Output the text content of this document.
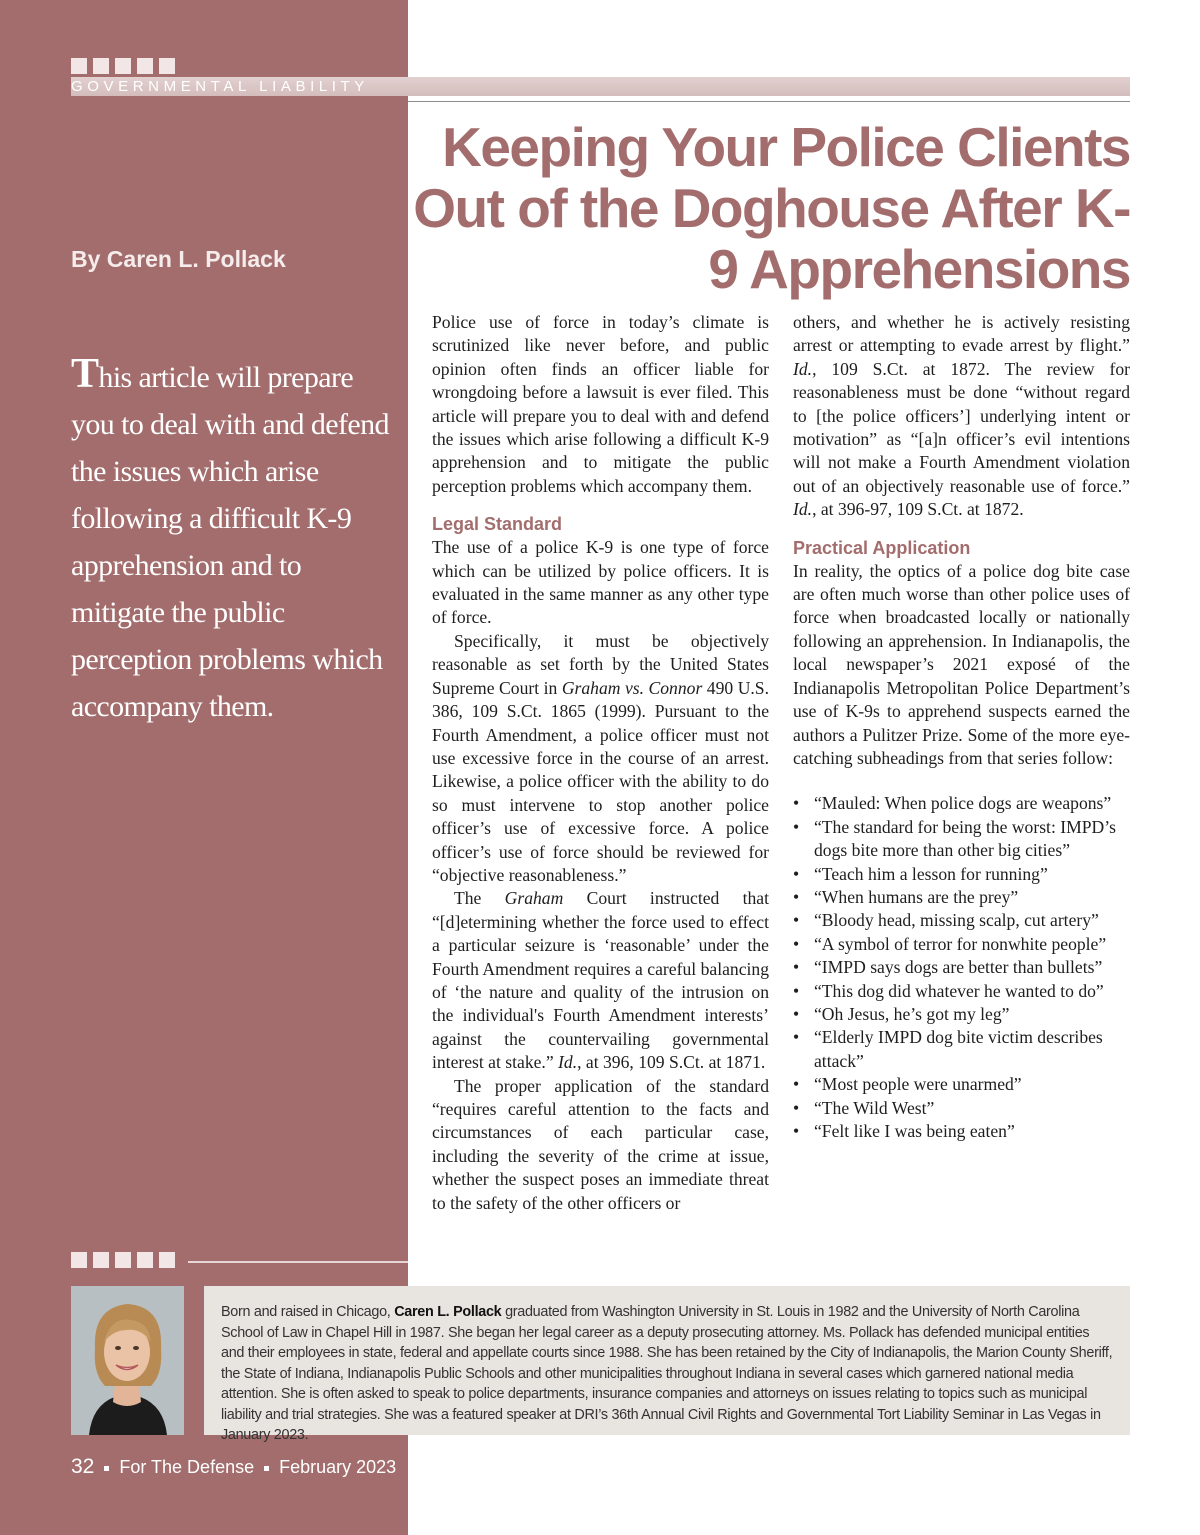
GOVERNMENTAL LIABILITY
Keeping Your Police Clients Out of the Doghouse After K-9 Apprehensions

By Caren L. Pollack

This article will prepare you to deal with and defend the issues which arise following a difficult K-9 apprehension and to mitigate the public perception problems which accompany them.

Police use of force in today’s climate is scrutinized like never before, and public opinion often finds an officer liable for wrongdoing before a lawsuit is ever filed. This article will prepare you to deal with and defend the issues which arise following a difficult K-9 apprehension and to mitigate the public perception problems which accompany them.

Legal Standard

The use of a police K-9 is one type of force which can be utilized by police officers. It is evaluated in the same manner as any other type of force.

Specifically, it must be objectively reasonable as set forth by the United States Supreme Court in Graham vs. Connor 490 U.S. 386, 109 S.Ct. 1865 (1999). Pursuant to the Fourth Amendment, a police officer must not use excessive force in the course of an arrest. Likewise, a police officer with the ability to do so must intervene to stop another police officer’s use of excessive force. A police officer’s use of force should be reviewed for “objective reasonableness.”

The Graham Court instructed that “[d]etermining whether the force used to effect a particular seizure is ‘reasonable’ under the Fourth Amendment requires a careful balancing of ‘the nature and quality of the intrusion on the individual's Fourth Amendment interests’ against the countervailing governmental interest at stake.” Id., at 396, 109 S.Ct. at 1871.

The proper application of the standard “requires careful attention to the facts and circumstances of each particular case, including the severity of the crime at issue, whether the suspect poses an immediate threat to the safety of the other officers or

others, and whether he is actively resisting arrest or attempting to evade arrest by flight.” Id., 109 S.Ct. at 1872. The review for reasonableness must be done “without regard to [the police officers’] underlying intent or motivation” as “[a]n officer’s evil intentions will not make a Fourth Amendment violation out of an objectively reasonable use of force.” Id., at 396-97, 109 S.Ct. at 1872.

Practical Application

In reality, the optics of a police dog bite case are often much worse than other police uses of force when broadcasted locally or nationally following an apprehension. In Indianapolis, the local newspaper’s 2021 exposé of the Indianapolis Metropolitan Police Department’s use of K-9s to apprehend suspects earned the authors a Pulitzer Prize. Some of the more eye-catching subheadings from that series follow:

• “Mauled: When police dogs are weapons”
• “The standard for being the worst: IMPD’s dogs bite more than other big cities”
• “Teach him a lesson for running”
• “When humans are the prey”
• “Bloody head, missing scalp, cut artery”
• “A symbol of terror for nonwhite people”
• “IMPD says dogs are better than bullets”
• “This dog did whatever he wanted to do”
• “Oh Jesus, he’s got my leg”
• “Elderly IMPD dog bite victim describes attack”
• “Most people were unarmed”
• “The Wild West”
• “Felt like I was being eaten”

Born and raised in Chicago, Caren L. Pollack graduated from Washington University in St. Louis in 1982 and the University of North Carolina School of Law in Chapel Hill in 1987. She began her legal career as a deputy prosecuting attorney. Ms. Pollack has defended municipal entities and their employees in state, federal and appellate courts since 1988. She has been retained by the City of Indianapolis, the Marion County Sheriff, the State of Indiana, Indianapolis Public Schools and other municipalities throughout Indiana in several cases which garnered national media attention. She is often asked to speak to police departments, insurance companies and attorneys on issues relating to topics such as municipal liability and trial strategies. She was a featured speaker at DRI’s 36th Annual Civil Rights and Governmental Tort Liability Seminar in Las Vegas in January 2023.

32 For The Defense February 2023
